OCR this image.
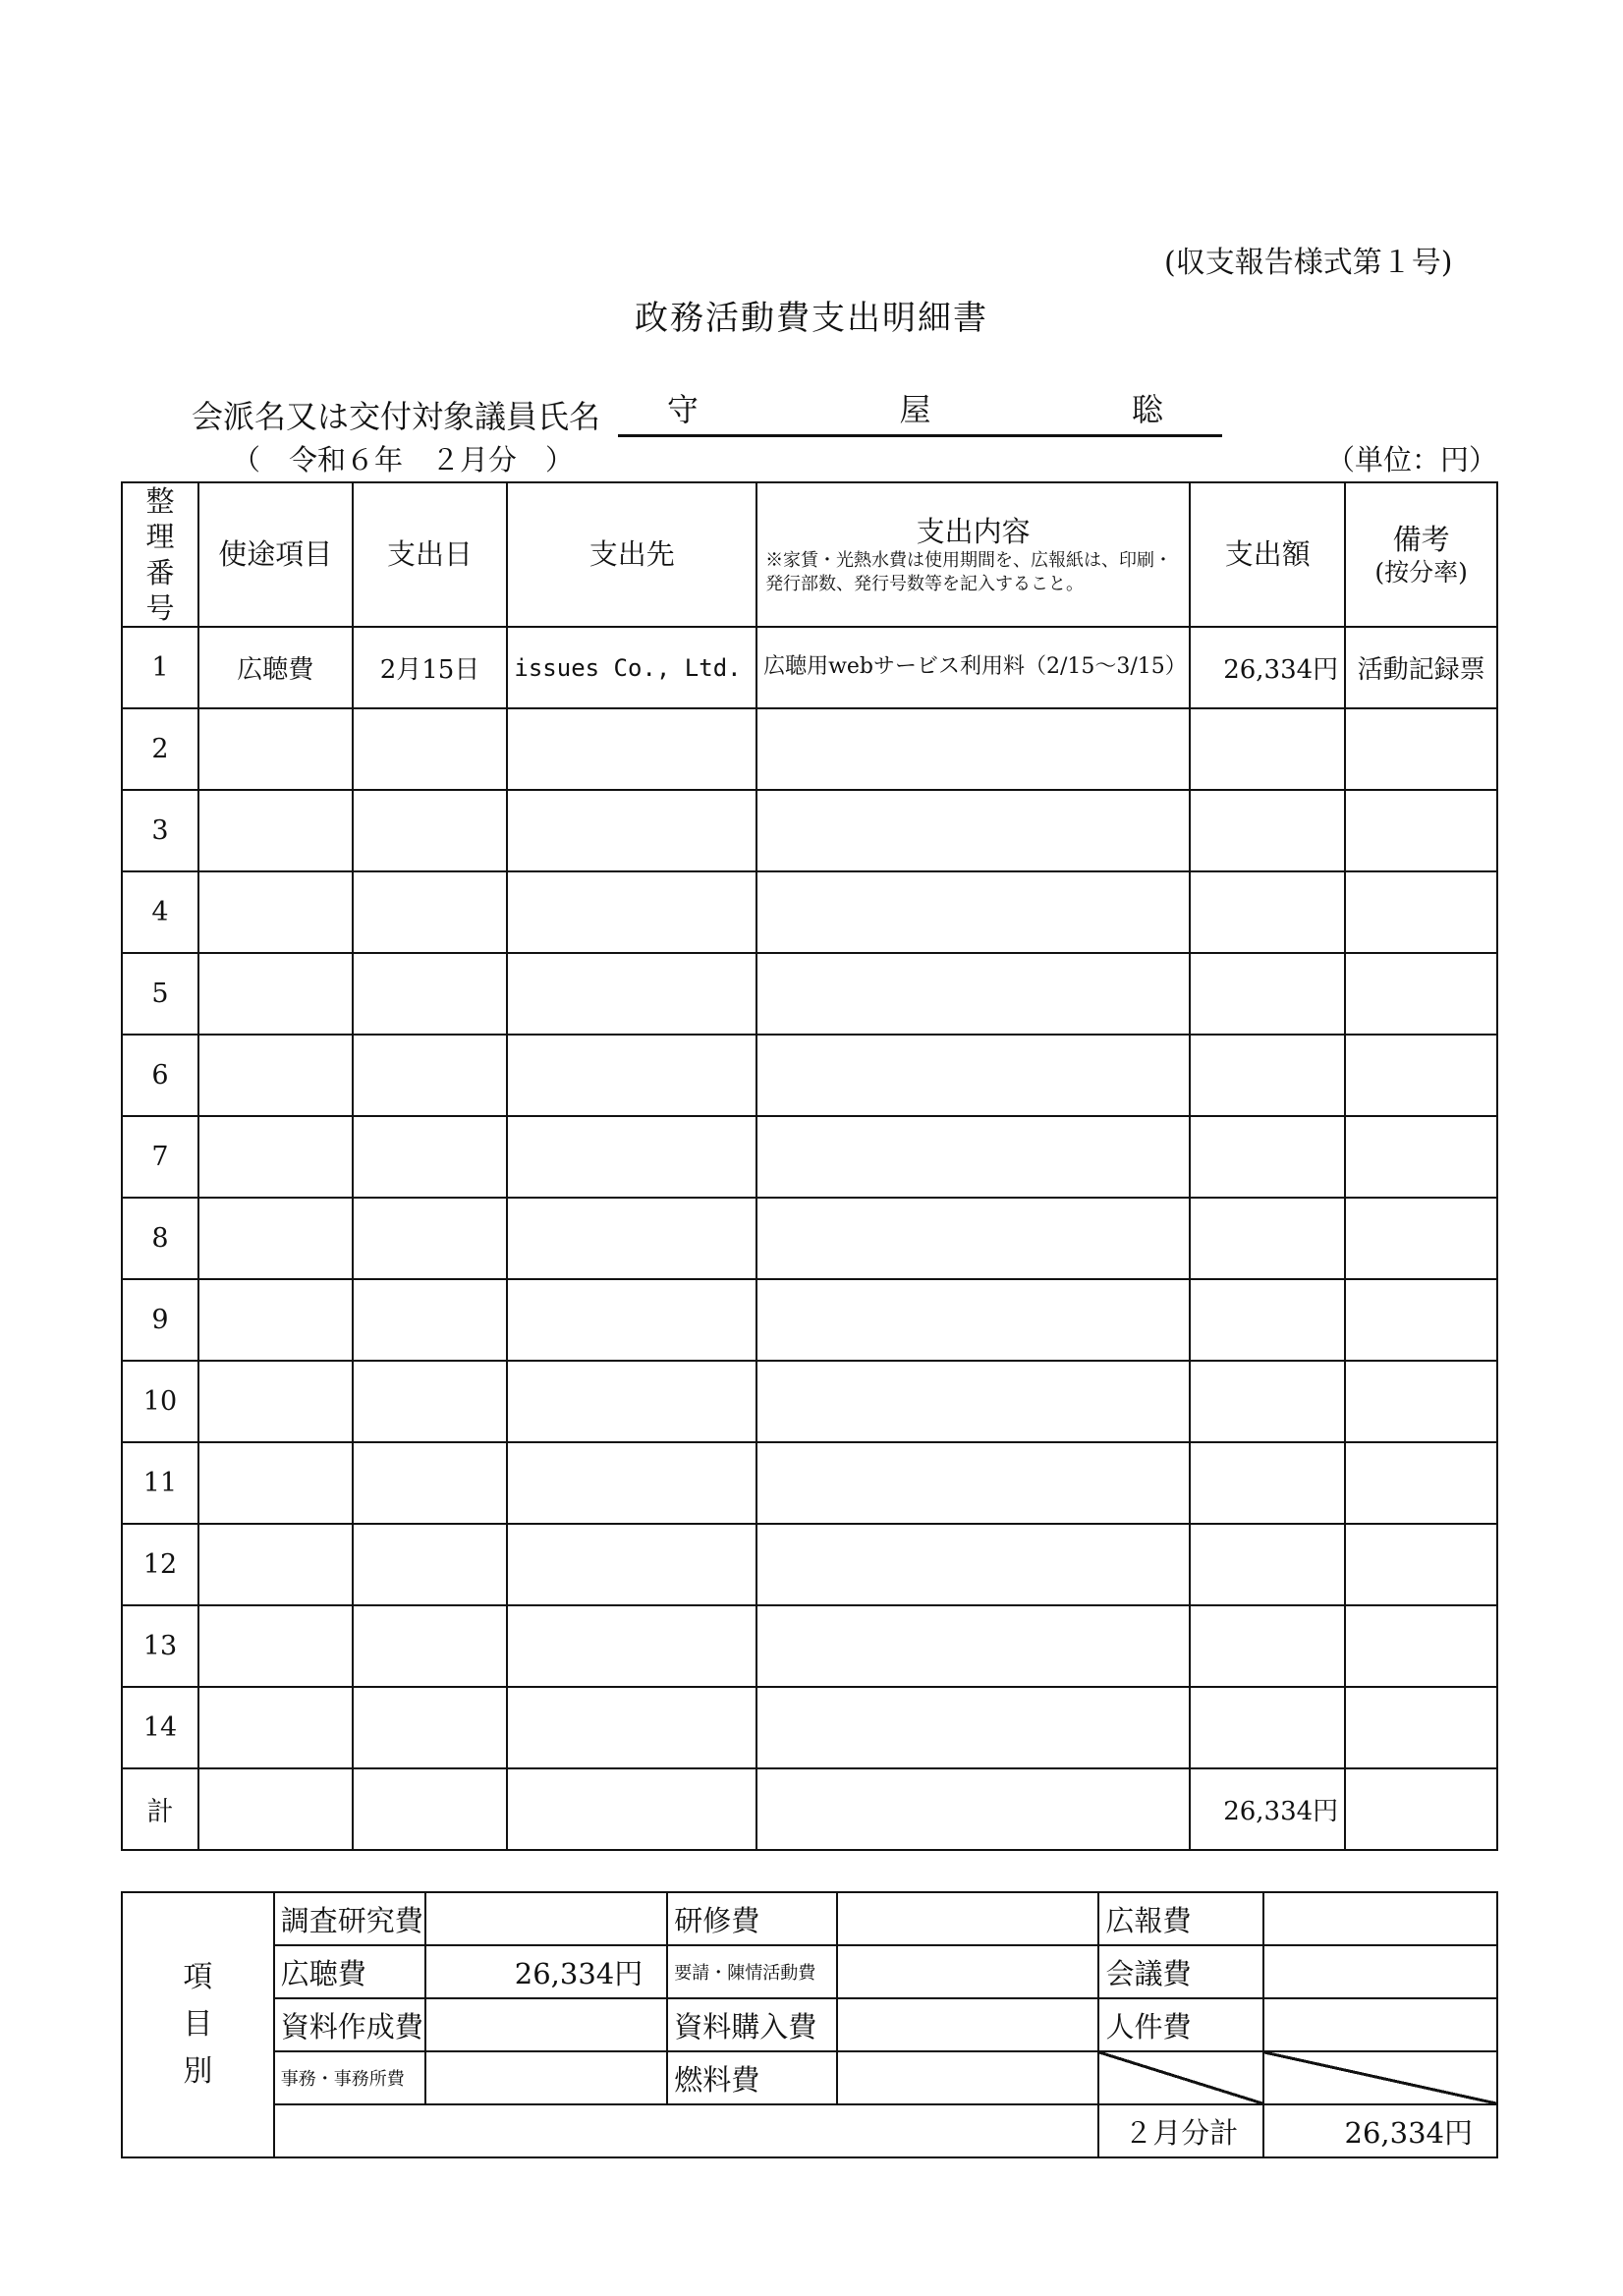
(収支報告様式第１号)
政務活動費支出明細書
会派名又は交付対象議員氏名 守	屋	聡
（　令和６年　２月分　）	（単位：円）
整理番号	使途項目	支出日	支出先	支出内容
※家賃・光熱水費は使用期間を、広報紙は、印刷・発行部数、発行号数等を記入すること。	支出額	備考
(按分率)

1	広聴費	2月15日	issues Co., Ltd.	広聴用webサービス利用料（2/15～3/15）	26,334円	活動記録票
2						
3						
4						
5						
6						
7						
8						
9						
10						
11						
12						
13						
14						
計					26,334円	
項
目
別	調査研究費		研修費		広報費	
	広聴費	26,334円	要請・陳情活動費		会議費	
	資料作成費		資料購入費		人件費	
	事務・事務所費		燃料費			
					２月分計	26,334円
